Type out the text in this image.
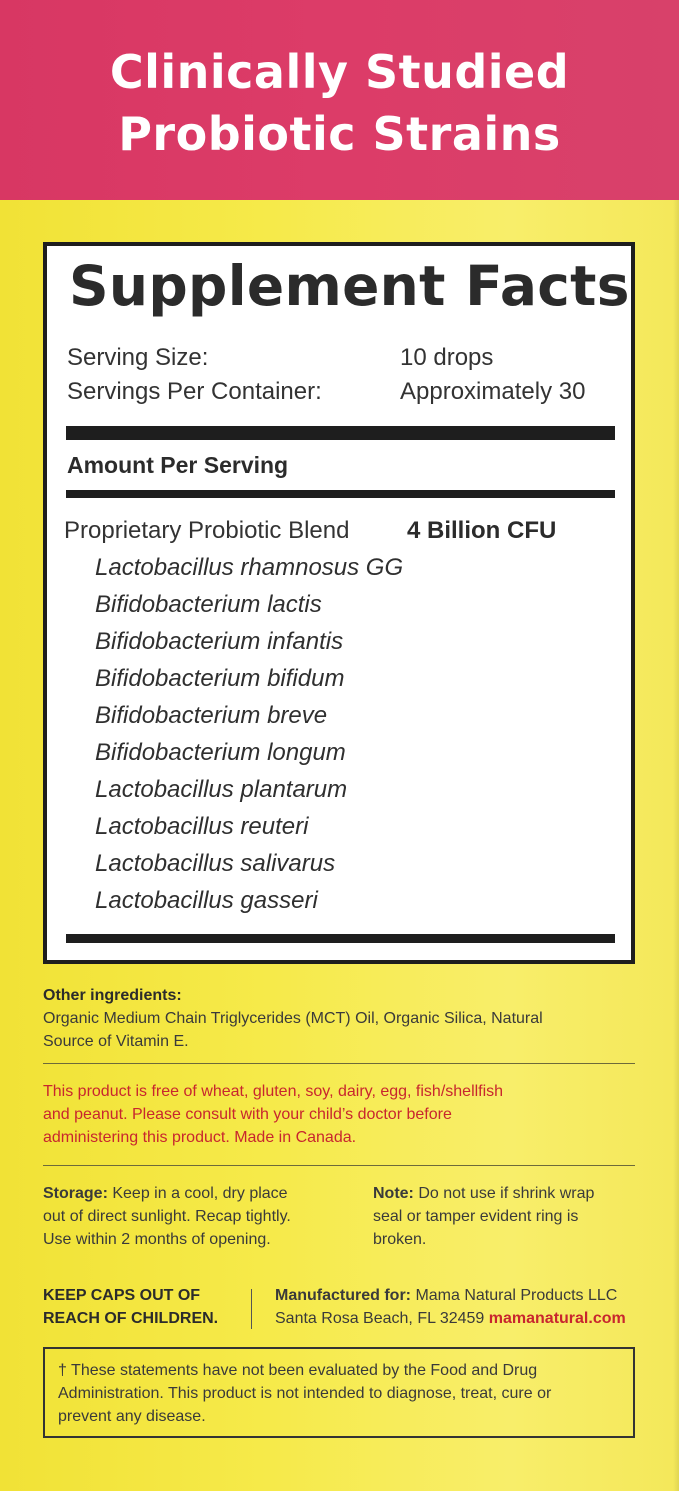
Clinically Studied
Probiotic Strains
Supplement Facts
Serving Size:	10 drops
Servings Per Container:	Approximately 30
Amount Per Serving
Proprietary Probiotic Blend 4 Billion CFU
Lactobacillus rhamnosus GG
Bifidobacterium lactis
Bifidobacterium infantis
Bifidobacterium bifidum
Bifidobacterium breve
Bifidobacterium longum
Lactobacillus plantarum
Lactobacillus reuteri
Lactobacillus salivarus
Lactobacillus gasseri
Other ingredients:
Organic Medium Chain Triglycerides (MCT) Oil, Organic Silica, Natural
Source of Vitamin E.
This product is free of wheat, gluten, soy, dairy, egg, fish/shellfish
and peanut. Please consult with your child’s doctor before
administering this product. Made in Canada.
Storage: Keep in a cool, dry place
out of direct sunlight. Recap tightly.
Use within 2 months of opening.
Note: Do not use if shrink wrap
seal or tamper evident ring is
broken.
KEEP CAPS OUT OF
REACH OF CHILDREN.
Manufactured for: Mama Natural Products LLC
Santa Rosa Beach, FL 32459 mamanatural.com
† These statements have not been evaluated by the Food and Drug
Administration. This product is not intended to diagnose, treat, cure or
prevent any disease.
